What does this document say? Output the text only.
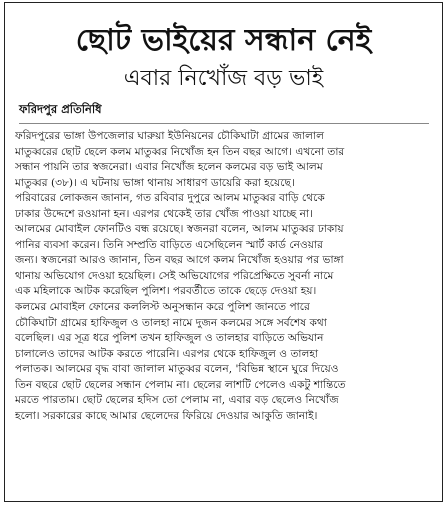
ছোট ভাইয়ের সন্ধান নেই
এবার নিখোঁজ বড় ভাই
ফরিদপুর প্রতিনিধি
ফরিদপুরের ভাঙ্গা উপজেলার ঘারুয়া ইউনিয়নের চৌকিঘাটা গ্রামের জালাল
মাতুব্বরের ছোট ছেলে কলম মাতুব্বর নিখোঁজ হন তিন বছর আগে। এখনো তার
সন্ধান পায়নি তার স্বজনেরা। এবার নিখোঁজ হলেন কলমের বড় ভাই আলম
মাতুব্বর (৩৮)। এ ঘটনায় ভাঙ্গা থানায় সাধারণ ডায়েরি করা হয়েছে।
পরিবারের লোকজন জানান, গত রবিবার দুপুরে আলম মাতুব্বর বাড়ি থেকে
ঢাকার উদ্দেশে রওয়ানা হন। এরপর থেকেই তার খোঁজ পাওয়া যাচ্ছে না।
আলমের মোবাইল ফোনটিও বন্ধ রয়েছে। স্বজনরা বলেন, আলম মাতুব্বর ঢাকায়
পানির ব্যবসা করেন। তিনি সম্প্রতি বাড়িতে এসেছিলেন স্মার্ট কার্ড নেওয়ার
জন্য। স্বজনেরা আরও জানান, তিন বছর আগে কলম নিখোঁজ হওয়ার পর ভাঙ্গা
থানায় অভিযোগ দেওয়া হয়েছিল। সেই অভিযোগের পরিপ্রেক্ষিতে সুবর্না নামে
এক মহিলাকে আটক করেছিল পুলিশ। পরবর্তীতে তাকে ছেড়ে দেওয়া হয়।
কলমের মোবাইল ফোনের কললিস্ট অনুসন্ধান করে পুলিশ জানতে পারে
চৌকিঘাটা গ্রামের হাফিজুল ও তালহা নামে দুজন কলমের সঙ্গে সর্বশেষ কথা
বলেছিল। এর সূত্র ধরে পুলিশ তখন হাফিজুল ও তালহার বাড়িতে অভিযান
চালালেও তাদের আটক করতে পারেনি। এরপর থেকে হাফিজুল ও তালহা
পলাতক। আলমের বৃদ্ধ বাবা জালাল মাতুব্বর বলেন, 'বিভিন্ন স্থানে ঘুরে দিয়েও
তিন বছরে ছোট ছেলের সন্ধান পেলাম না। ছেলের লাশটি পেলেও একটু শান্তিতে
মরতে পারতাম। ছোট ছেলের হদিস তো পেলাম না, এবার বড় ছেলেও নিখোঁজ
হলো। সরকারের কাছে আমার ছেলেদের ফিরিয়ে দেওয়ার আকুতি জানাই।
